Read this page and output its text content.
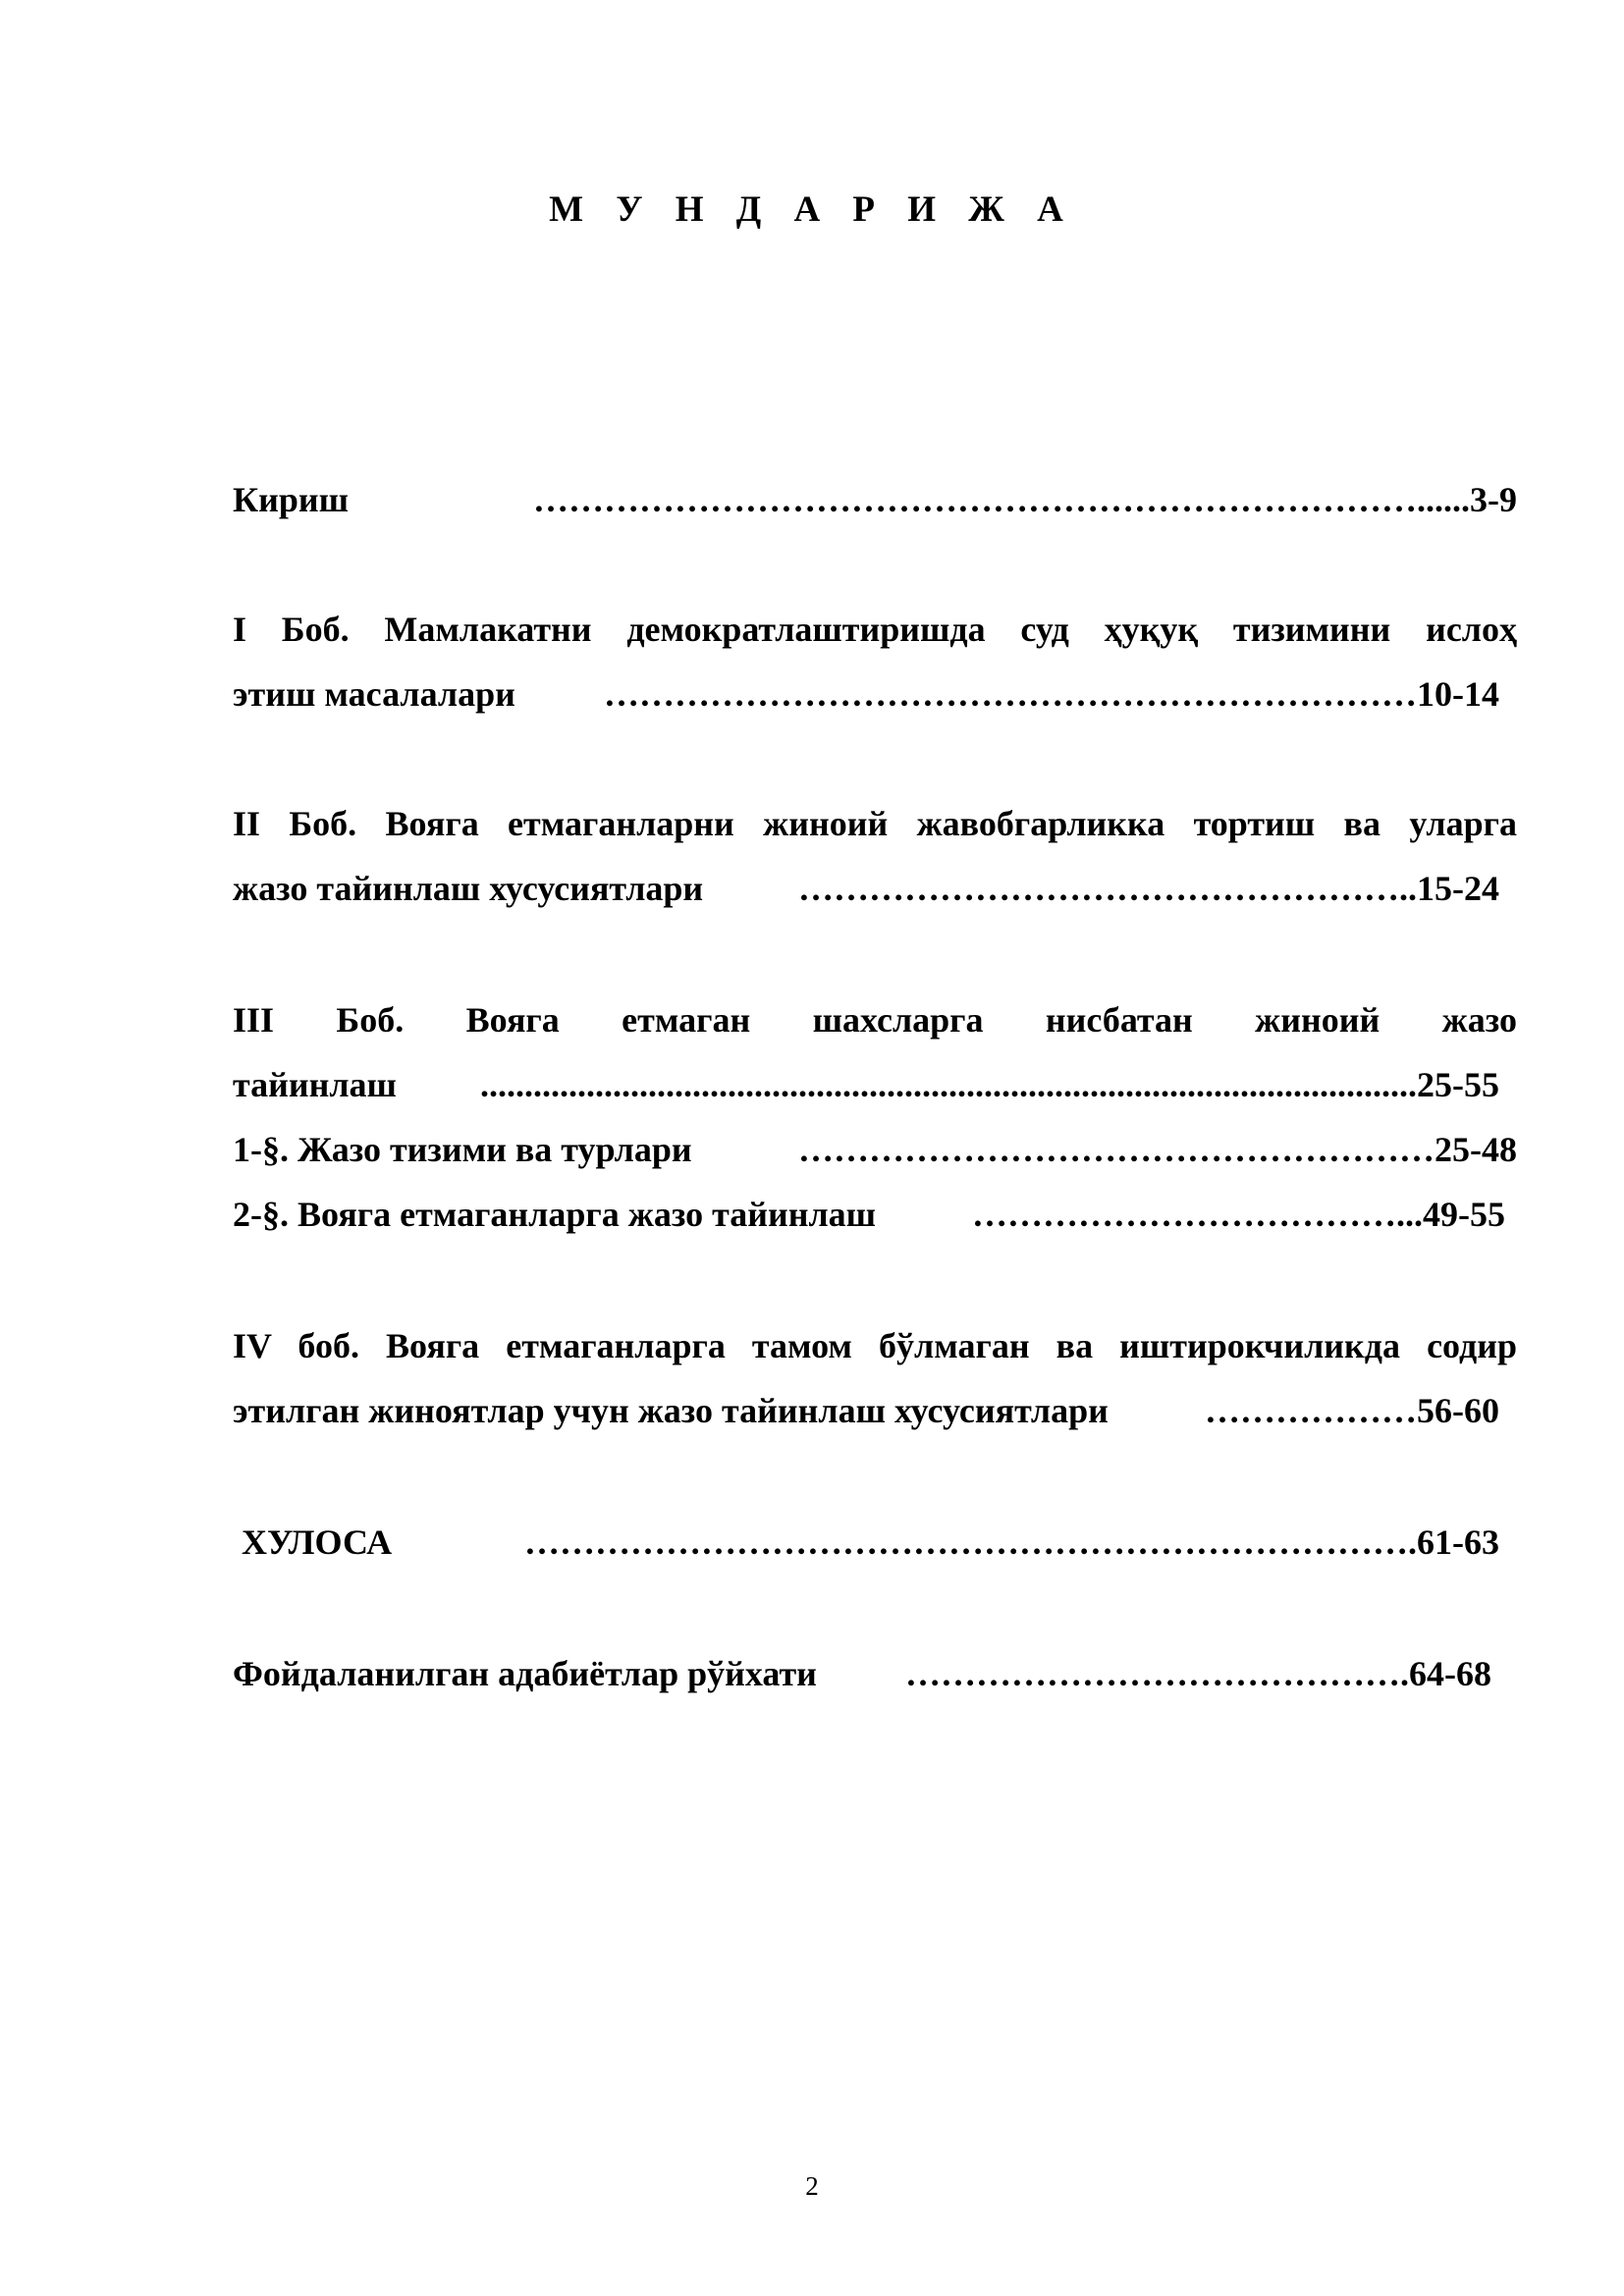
М У Н Д А Р И Ж А
Кириш	…………………………………………………………………...... 3-9
I Боб. Мамлакатни демократлаштиришда суд ҳуқуқ тизимини ислоҳ
этиш масалалари	…………………………………………………………… 10-14
II Боб. Вояга етмаганларни жиноий жавобгарликка тортиш ва уларга
жазо тайинлаш хусусиятлари	…………………………………………….. 15-24
III Боб. Вояга етмаган шахсларга нисбатан жиноий жазо
тайинлаш	.......................................................................................................... 25-55
1-§. Жазо тизими ва турлари	……………………………………………… 25-48
2-§. Вояга етмаганларга жазо тайинлаш	………………………………... 49-55
IV боб. Вояга етмаганларга тамом бўлмаган ва иштирокчиликда содир
этилган жиноятлар учун жазо тайинлаш хусусиятлари	……………… 56-60
ХУЛОСА	…………………………………………………………………. 61-63
Фойдаланилган адабиётлар рўйхати	……………………………………. 64-68
2
